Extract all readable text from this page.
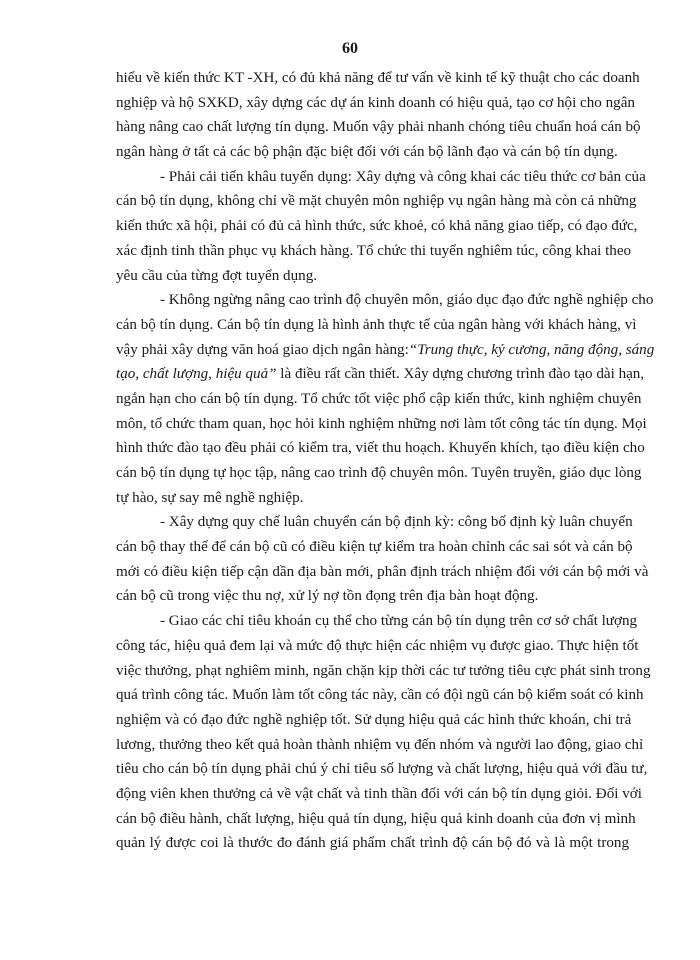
60
hiểu về kiến thức KT -XH, có đủ khả năng để tư vấn về kinh tế kỹ thuật cho các doanh
nghiệp và hộ SXKD, xây dựng các dự án kinh doanh có hiệu quả, tạo cơ hội cho ngân
hàng nâng cao chất lượng tín dụng. Muốn vậy phải nhanh chóng tiêu chuẩn hoá cán bộ
ngân hàng ở tất cả các bộ phận đặc biệt đối với cán bộ lãnh đạo và cán bộ tín dụng.
- Phải cải tiến khâu tuyển dụng: Xây dựng và công khai các tiêu thức cơ bản của
cán bộ tín dụng, không chỉ về mặt chuyên môn nghiệp vụ ngân hàng mà còn cả những
kiến thức xã hội, phải có đủ cả hình thức, sức khoẻ, có khả năng giao tiếp, có đạo đức,
xác định tinh thần phục vụ khách hàng. Tổ chức thi tuyển nghiêm túc, công khai theo
yêu cầu của từng đợt tuyển dụng.
- Không ngừng nâng cao trình độ chuyên môn, giáo dục đạo đức nghề nghiệp cho
cán bộ tín dụng. Cán bộ tín dụng là hình ảnh thực tế của ngân hàng với khách hàng, vì
vậy phải xây dựng văn hoá giao dịch ngân hàng:“Trung thực, kỷ cương, năng động, sáng
tạo, chất lượng, hiệu quả” là điều rất cần thiết. Xây dựng chương trình đào tạo dài hạn,
ngắn hạn cho cán bộ tín dụng. Tổ chức tốt việc phổ cập kiến thức, kinh nghiệm chuyên
môn, tổ chức tham quan, học hỏi kinh nghiệm những nơi làm tốt công tác tín dụng. Mọi
hình thức đào tạo đều phải có kiểm tra, viết thu hoạch. Khuyến khích, tạo điều kiện cho
cán bộ tín dụng tự học tập, nâng cao trình độ chuyên môn. Tuyên truyền, giáo dục lòng
tự hào, sự say mê nghề nghiệp.
- Xây dựng quy chế luân chuyển cán bộ định kỳ: công bố định kỳ luân chuyển
cán bộ thay thế để cán bộ cũ có điều kiện tự kiểm tra hoàn chỉnh các sai sót và cán bộ
mới có điều kiện tiếp cận dần địa bàn mới, phân định trách nhiệm đối với cán bộ mới và
cán bộ cũ trong việc thu nợ, xử lý nợ tồn đọng trên địa bàn hoạt động.
- Giao các chỉ tiêu khoán cụ thể cho từng cán bộ tín dụng trên cơ sở chất lượng
công tác, hiệu quả đem lại và mức độ thực hiện các nhiệm vụ được giao. Thực hiện tốt
việc thưởng, phạt nghiêm minh, ngăn chặn kịp thời các tư tưởng tiêu cực phát sinh trong
quá trình công tác. Muốn làm tốt công tác này, cần có đội ngũ cán bộ kiểm soát có kinh
nghiệm và có đạo đức nghề nghiệp tốt. Sử dụng hiệu quả các hình thức khoán, chi trả
lương, thưởng theo kết quả hoàn thành nhiệm vụ đến nhóm và người lao động, giao chỉ
tiêu cho cán bộ tín dụng phải chú ý chỉ tiêu số lượng và chất lượng, hiệu quả với đầu tư,
động viên khen thưởng cả về vật chất và tinh thần đối với cán bộ tín dụng giỏi. Đối với
cán bộ điều hành, chất lượng, hiệu quả tín dụng, hiệu quả kinh doanh của đơn vị mình
quản lý được coi là thước đo đánh giá phẩm chất trình độ cán bộ đó và là một trong
